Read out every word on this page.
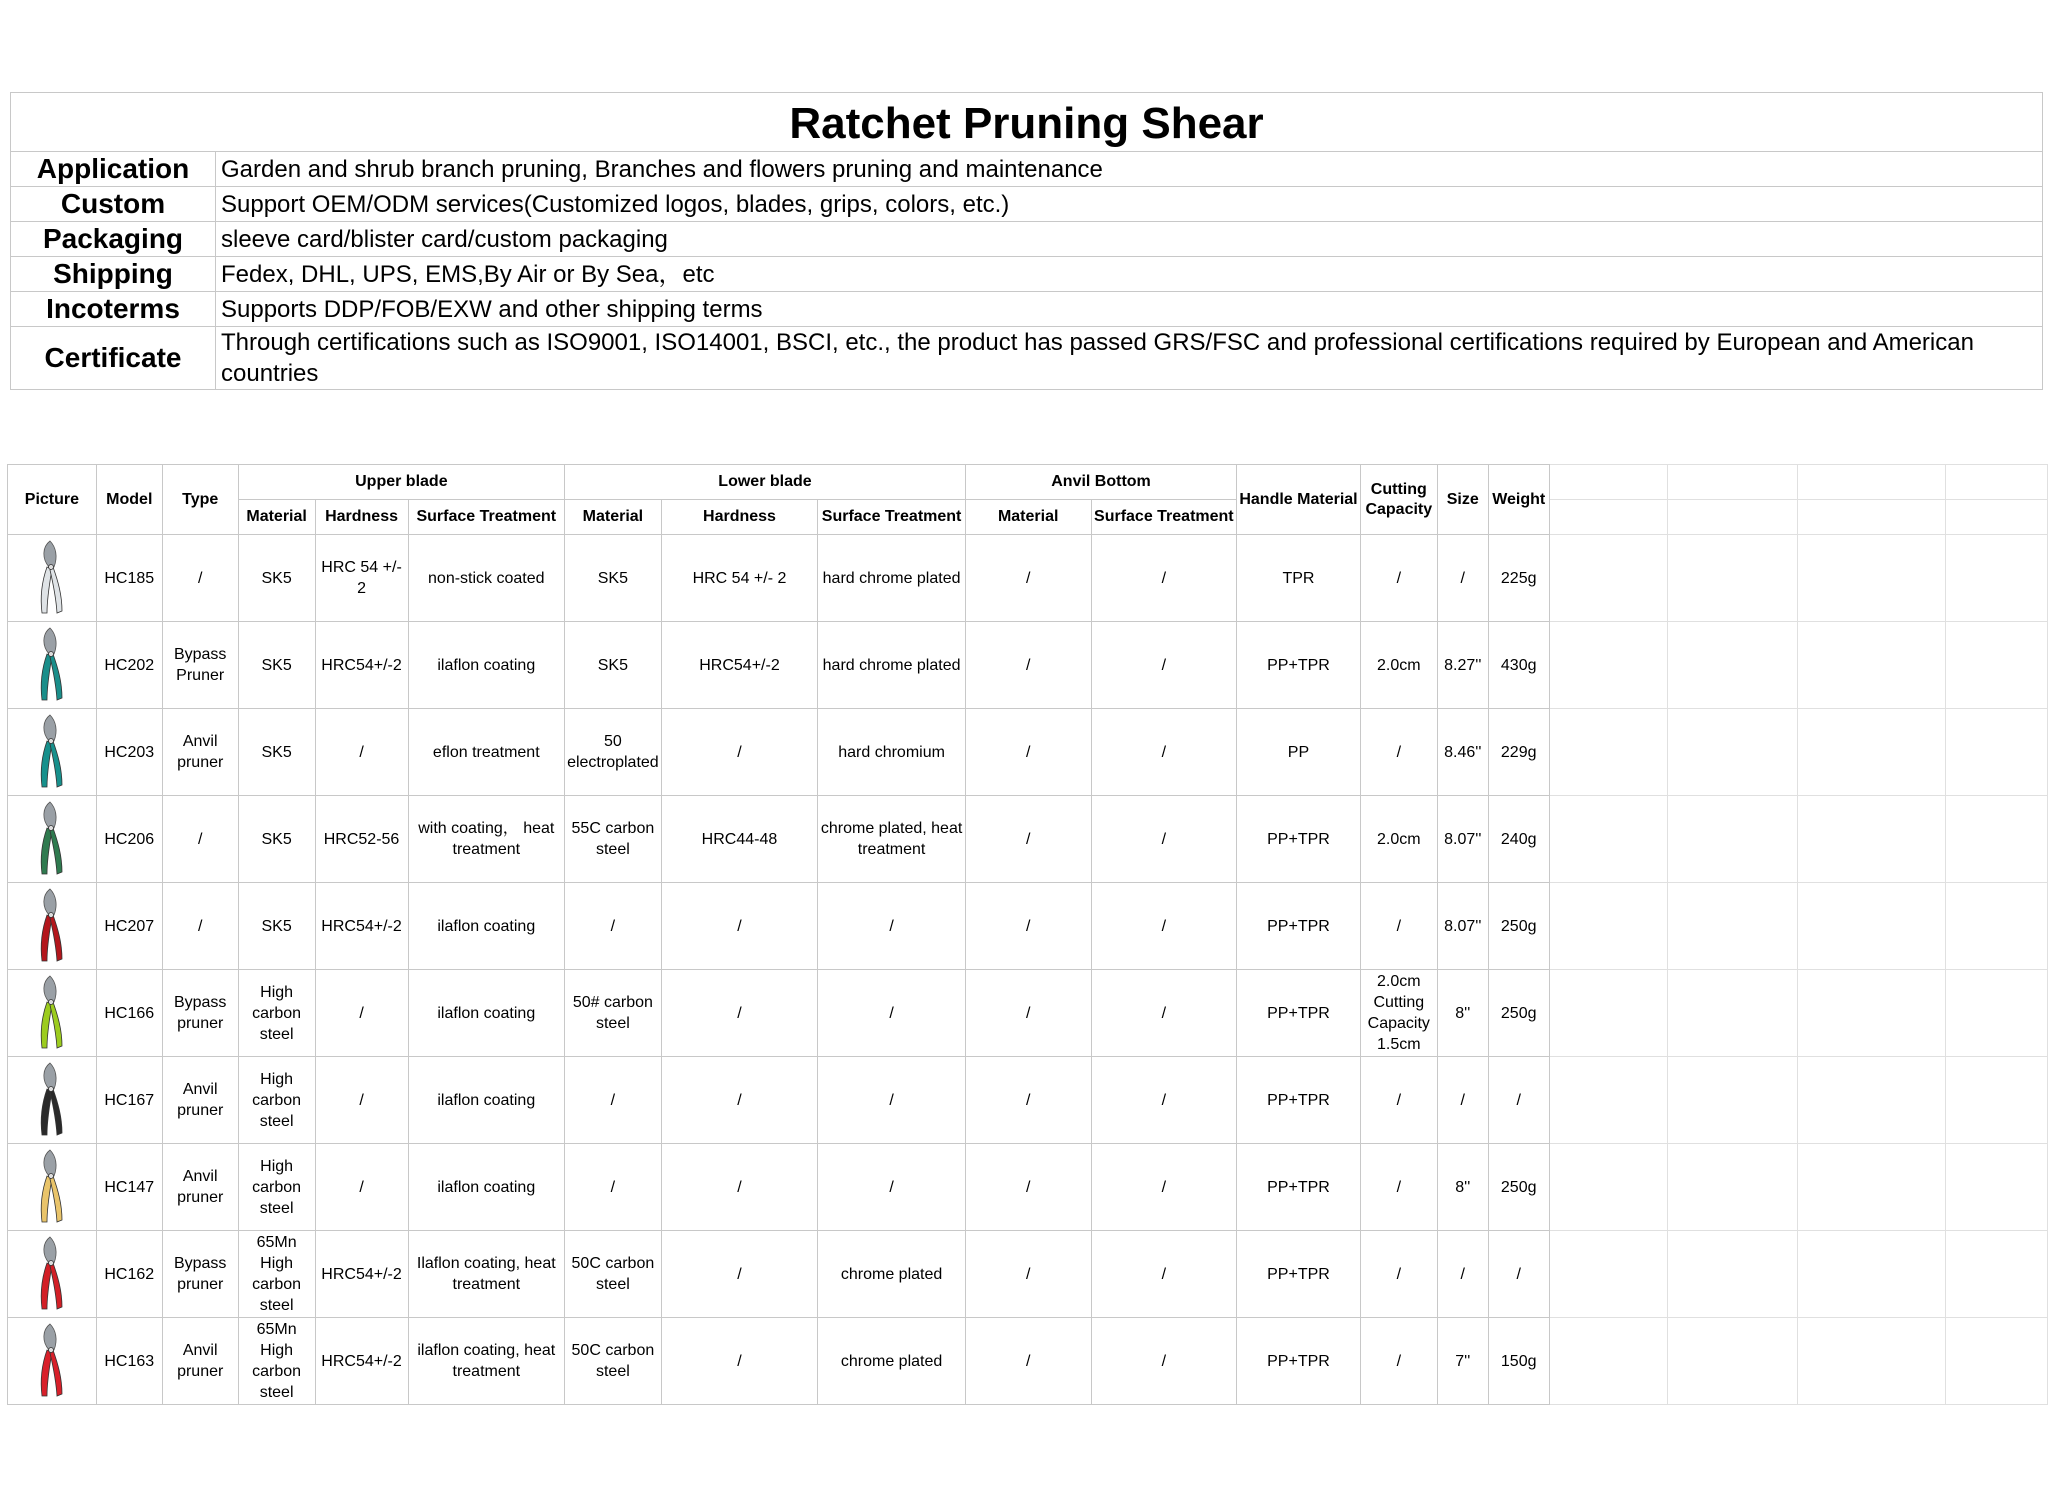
Ratchet Pruning Shear	
Application	Garden and shrub branch pruning, Branches and flowers pruning and maintenance
Custom	Support OEM/ODM services(Customized logos, blades, grips, colors, etc.)
Packaging	sleeve card/blister card/custom packaging
Shipping	Fedex, DHL, UPS, EMS,By Air or By Sea，etc
Incoterms	Supports DDP/FOB/EXW and other shipping terms
Certificate	Through certifications such as ISO9001, ISO14001, BSCI, etc., the product has passed GRS/FSC and professional certifications required by European and American countries
Picture	Model	Type	Upper blade			Lower blade			Anvil Bottom		Handle Material	Cutting Capacity	Size	Weight				
			Material	Hardness	Surface Treatment	Material	Hardness	Surface Treatment	Material	Surface Treatment								

	HC185	/	SK5	HRC 54 +/- 2	non-stick coated	SK5	HRC 54 +/- 2	hard chrome plated	/	/	TPR	/	/	225g				

	HC202	Bypass Pruner	SK5	HRC54+/-2	ilaflon coating	SK5	HRC54+/-2	hard chrome plated	/	/	PP+TPR	2.0cm	8.27''	430g				

	HC203	Anvil pruner	SK5	/	eflon treatment	50 electroplated	/	hard chromium	/	/	PP	/	8.46''	229g				

	HC206	/	SK5	HRC52-56	with coating， heat treatment	55C carbon steel	HRC44-48	chrome plated, heat treatment	/	/	PP+TPR	2.0cm	8.07''	240g				

	HC207	/	SK5	HRC54+/-2	ilaflon coating	/	/	/	/	/	PP+TPR	/	8.07''	250g				

	HC166	Bypass pruner	High carbon steel	/	ilaflon coating	50# carbon steel	/	/	/	/	PP+TPR	2.0cm Cutting Capacity 1.5cm	8''	250g				

	HC167	Anvil pruner	High carbon steel	/	ilaflon coating	/	/	/	/	/	PP+TPR	/	/	/				

	HC147	Anvil pruner	High carbon steel	/	ilaflon coating	/	/	/	/	/	PP+TPR	/	8''	250g				

	HC162	Bypass pruner	65Mn High carbon steel	HRC54+/-2	Ilaflon coating, heat treatment	50C carbon steel	/	chrome plated	/	/	PP+TPR	/	/	/				

	HC163	Anvil pruner	65Mn High carbon steel	HRC54+/-2	ilaflon coating, heat treatment	50C carbon steel	/	chrome plated	/	/	PP+TPR	/	7''	150g				
